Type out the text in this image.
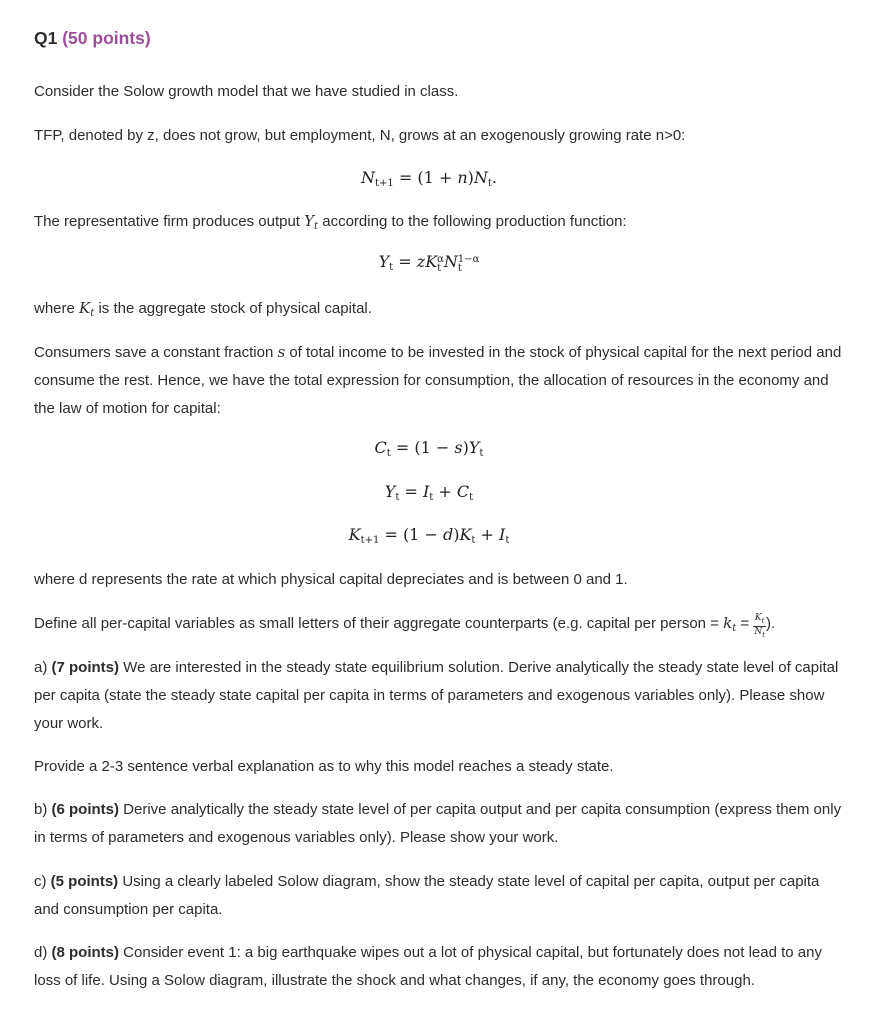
Q1 (50 points)
Consider the Solow growth model that we have studied in class.
TFP, denoted by z, does not grow, but employment, N, grows at an exogenously growing rate n>0:
$N_{t+1} = (1 + n)N_t$.
The representative firm produces output $Y_t$ according to the following production function:
$Y_t$ = zK α
t N 1−α
t
where $K_t$ is the aggregate stock of physical capital.
Consumers save a constant fraction s of total income to be invested in the stock of physical capital for the next period and consume the rest. Hence, we have the total expression for consumption, the allocation of resources in the economy and the law of motion for capital:
$C_t = (1 - s)Y_t$
$Y_t = I_t + C_t$
$K_{t+1} = (1 - d)K_t + I_t$
where d represents the rate at which physical capital depreciates and is between 0 and 1.
Define all per-capital variables as small letters of their aggregate counterparts (e.g. capital per person = $k_t = \frac{K_t}{N_t}$ ).
a) (7 points) We are interested in the steady state equilibrium solution. Derive analytically the steady state level of capital per capita (state the steady state capital per capita in terms of parameters and exogenous variables only). Please show your work.
Provide a 2-3 sentence verbal explanation as to why this model reaches a steady state.
b) (6 points) Derive analytically the steady state level of per capita output and per capita consumption (express them only in terms of parameters and exogenous variables only). Please show your work.
c) (5 points) Using a clearly labeled Solow diagram, show the steady state level of capital per capita, output per capita and consumption per capita.
d) (8 points) Consider event 1: a big earthquake wipes out a lot of physical capital, but fortunately does not lead to any loss of life. Using a Solow diagram, illustrate the shock and what changes, if any, the economy goes through.
